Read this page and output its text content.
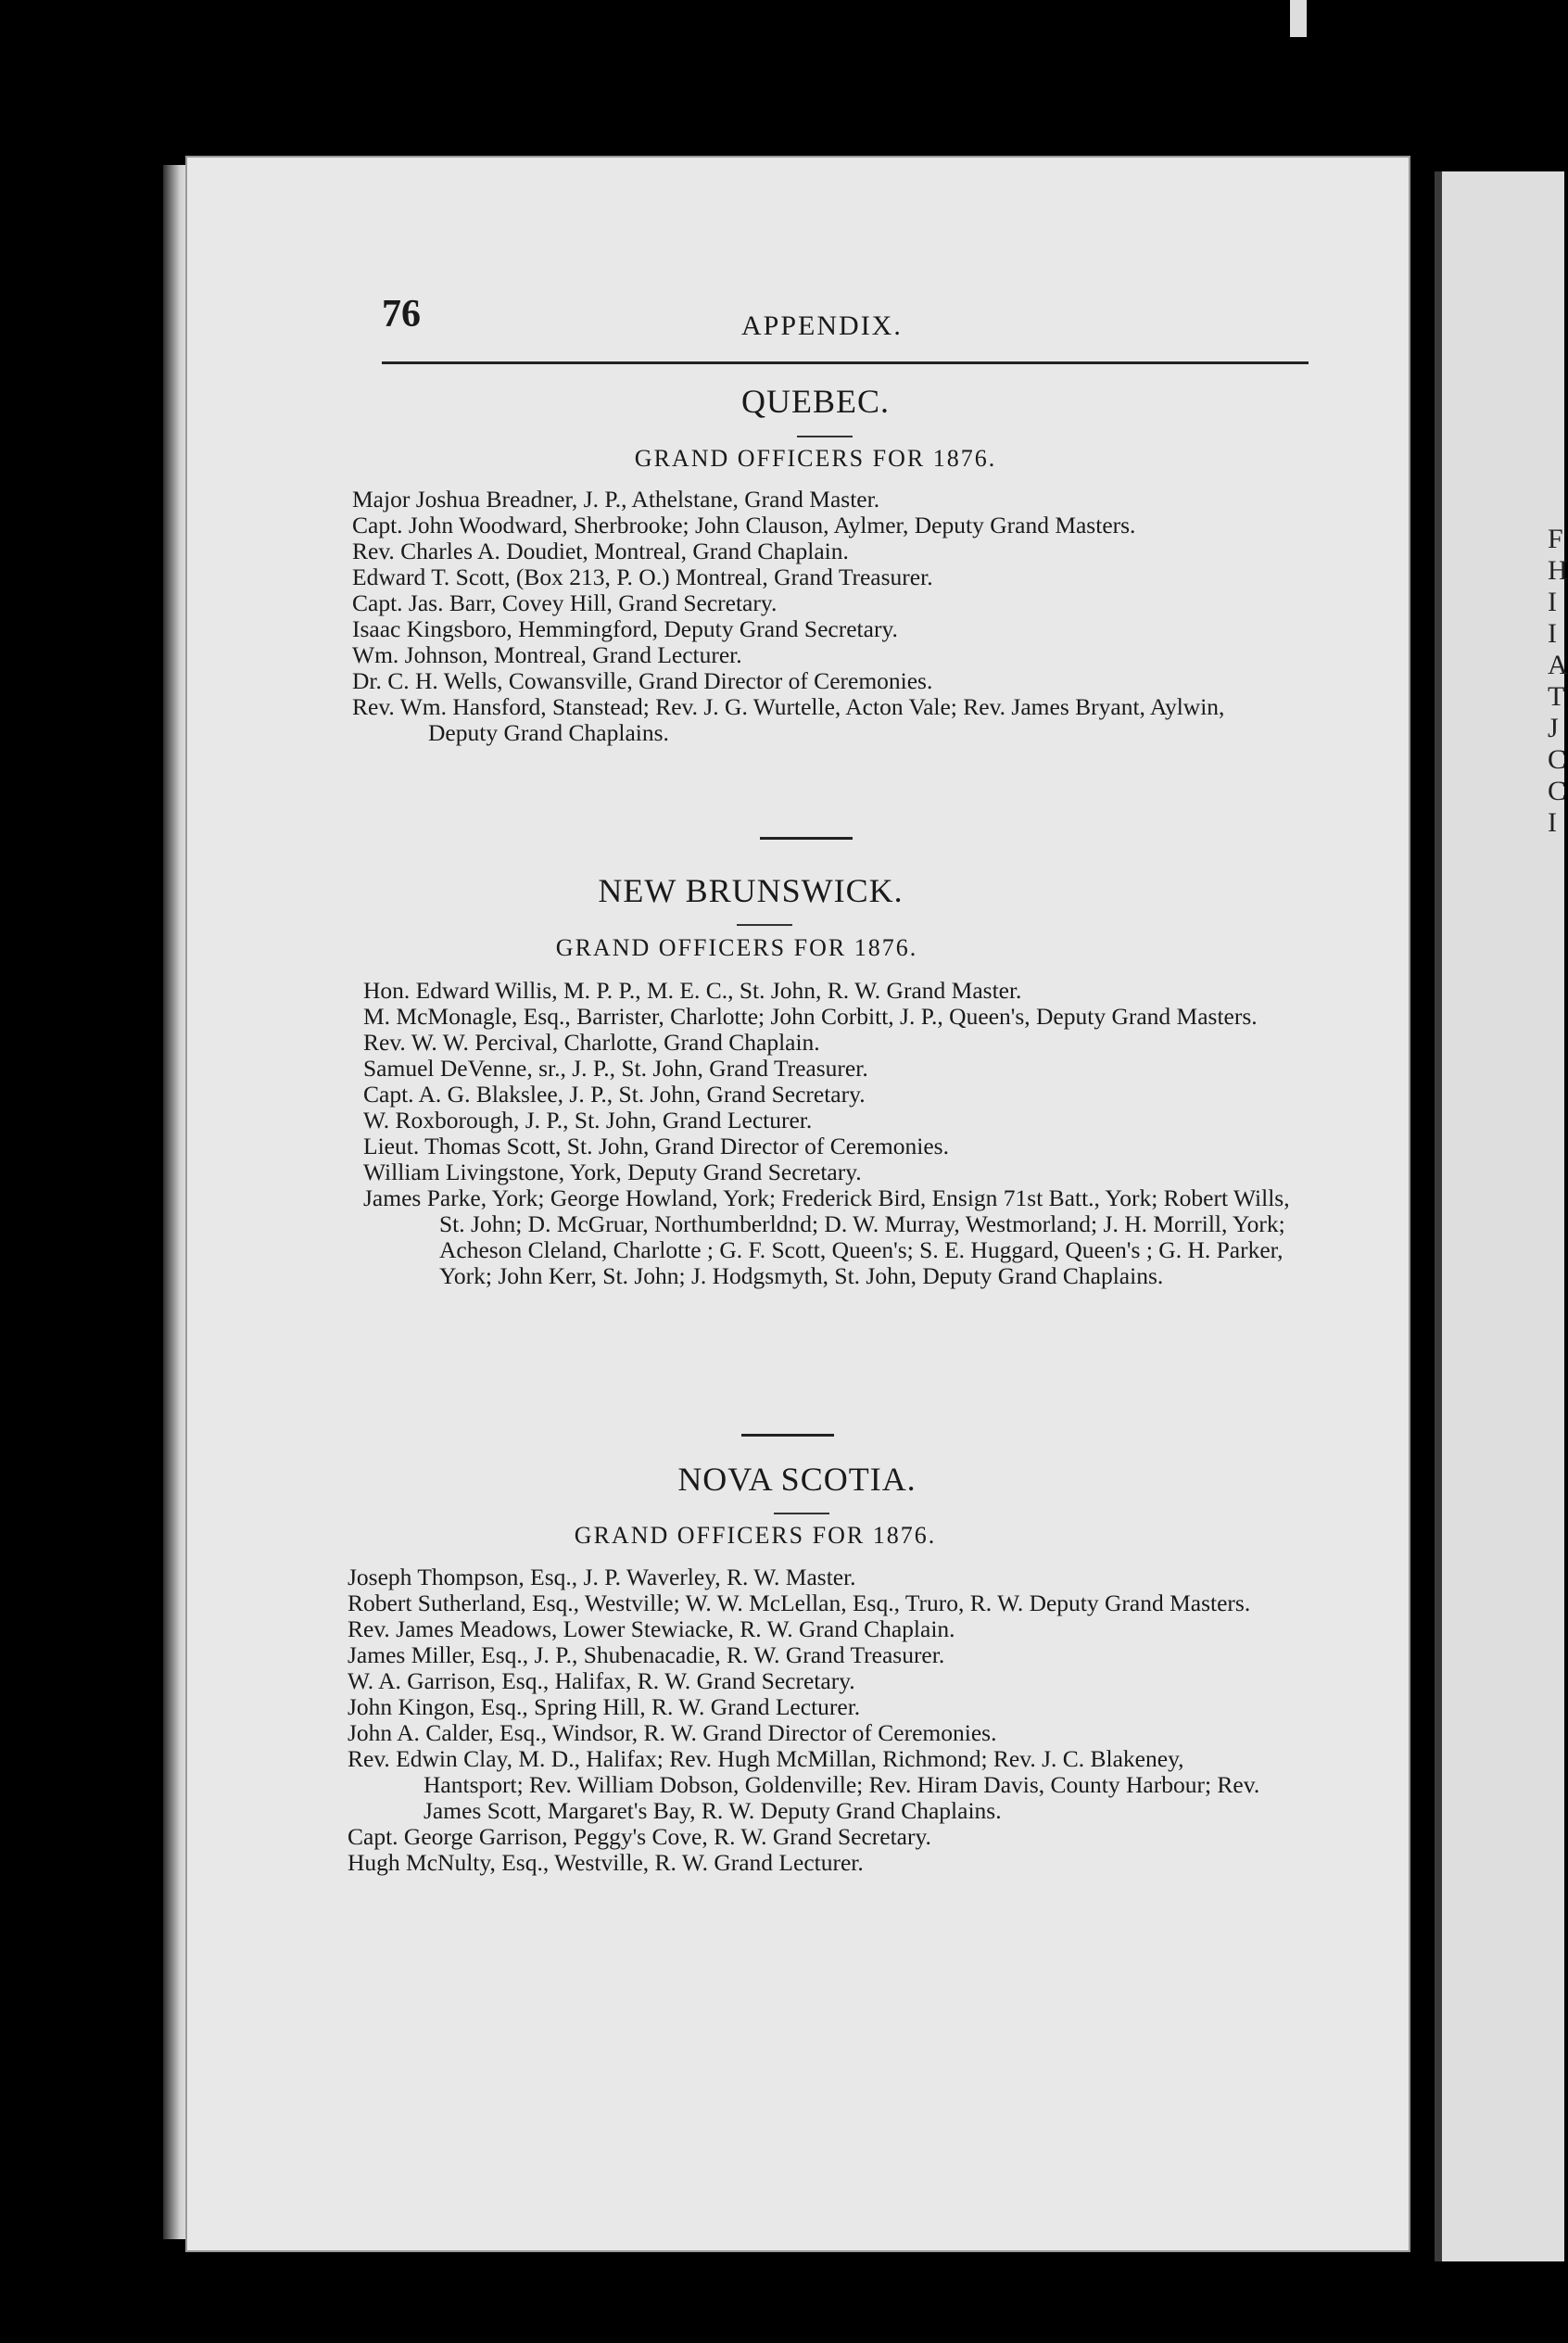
F
H
I
I
A
T
J
C
C
I
76	APPENDIX.
QUEBEC.
GRAND OFFICERS FOR 1876.

Major Joshua Breadner, J. P., Athelstane, Grand Master.

Capt. John Woodward, Sherbrooke; John Clauson, Aylmer, Deputy Grand Masters.

Rev. Charles A. Doudiet, Montreal, Grand Chaplain.

Edward T. Scott, (Box 213, P. O.) Montreal, Grand Treasurer.

Capt. Jas. Barr, Covey Hill, Grand Secretary.

Isaac Kingsboro, Hemmingford, Deputy Grand Secretary.

Wm. Johnson, Montreal, Grand Lecturer.

Dr. C. H. Wells, Cowansville, Grand Director of Ceremonies.

Rev. Wm. Hansford, Stanstead; Rev. J. G. Wurtelle, Acton Vale; Rev. James Bryant, Aylwin, Deputy Grand Chaplains.

NEW BRUNSWICK.
GRAND OFFICERS FOR 1876.

Hon. Edward Willis, M. P. P., M. E. C., St. John, R. W. Grand Master.

M. McMonagle, Esq., Barrister, Charlotte; John Corbitt, J. P., Queen's, Deputy Grand Masters.

Rev. W. W. Percival, Charlotte, Grand Chaplain.

Samuel DeVenne, sr., J. P., St. John, Grand Treasurer.

Capt. A. G. Blakslee, J. P., St. John, Grand Secretary.

W. Roxborough, J. P., St. John, Grand Lecturer.

Lieut. Thomas Scott, St. John, Grand Director of Ceremonies.

William Livingstone, York, Deputy Grand Secretary.

James Parke, York; George Howland, York; Frederick Bird, Ensign 71st Batt., York; Robert Wills, St. John; D. McGruar, Northumberldnd; D. W. Murray, Westmorland; J. H. Morrill, York; Acheson Cleland, Charlotte ; G. F. Scott, Queen's; S. E. Huggard, Queen's ; G. H. Parker, York; John Kerr, St. John; J. Hodgsmyth, St. John, Deputy Grand Chaplains.

NOVA SCOTIA.
GRAND OFFICERS FOR 1876.

Joseph Thompson, Esq., J. P. Waverley, R. W. Master.

Robert Sutherland, Esq., Westville; W. W. McLellan, Esq., Truro, R. W. Deputy Grand Masters.

Rev. James Meadows, Lower Stewiacke, R. W. Grand Chaplain.

James Miller, Esq., J. P., Shubenacadie, R. W. Grand Treasurer.

W. A. Garrison, Esq., Halifax, R. W. Grand Secretary.

John Kingon, Esq., Spring Hill, R. W. Grand Lecturer.

John A. Calder, Esq., Windsor, R. W. Grand Director of Ceremonies.

Rev. Edwin Clay, M. D., Halifax; Rev. Hugh McMillan, Richmond; Rev. J. C. Blakeney, Hantsport; Rev. William Dobson, Goldenville; Rev. Hiram Davis, County Harbour; Rev. James Scott, Margaret's Bay, R. W. Deputy Grand Chaplains.

Capt. George Garrison, Peggy's Cove, R. W. Grand Secretary.

Hugh McNulty, Esq., Westville, R. W. Grand Lecturer.
